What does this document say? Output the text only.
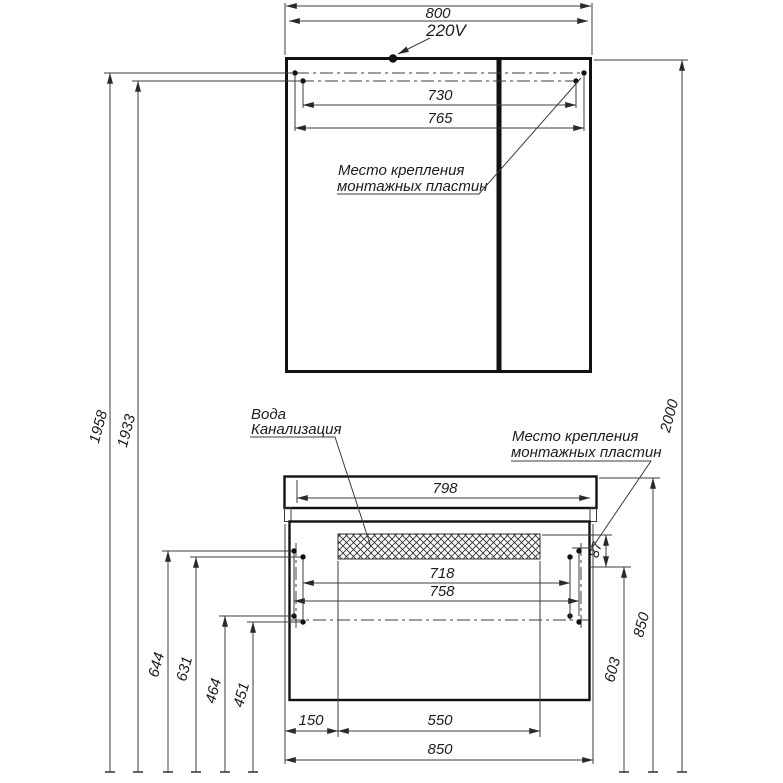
800
220V
730
765
Место крепления
монтажных пластин
798
Вода
Канализация	Место крепления
монтажных пластин
718
758
87
150	550
850
1958 1933
644 631
464 451
603
850
2000
